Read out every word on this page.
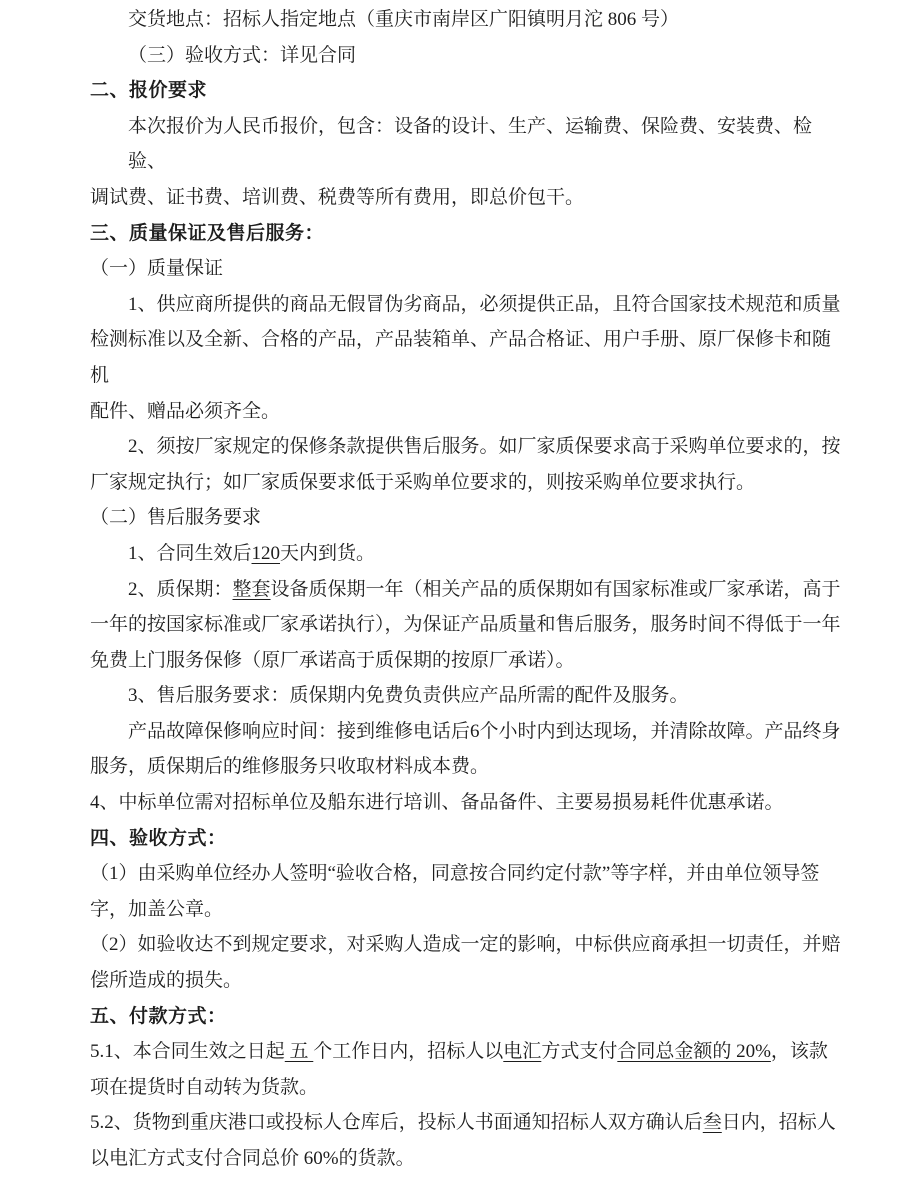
交货地点：招标人指定地点（重庆市南岸区广阳镇明月沱 806 号）
（三）验收方式：详见合同
二、报价要求
本次报价为人民币报价，包含：设备的设计、生产、运输费、保险费、安装费、检验、
调试费、证书费、培训费、税费等所有费用，即总价包干。
三、质量保证及售后服务：
（一）质量保证
1、供应商所提供的商品无假冒伪劣商品，必须提供正品，且符合国家技术规范和质量
检测标准以及全新、合格的产品，产品装箱单、产品合格证、用户手册、原厂保修卡和随机
配件、赠品必须齐全。
2、须按厂家规定的保修条款提供售后服务。如厂家质保要求高于采购单位要求的，按
厂家规定执行；如厂家质保要求低于采购单位要求的，则按采购单位要求执行。
（二）售后服务要求
1、合同生效后120天内到货。
2、质保期：整套设备质保期一年（相关产品的质保期如有国家标准或厂家承诺，高于
一年的按国家标准或厂家承诺执行），为保证产品质量和售后服务，服务时间不得低于一年
免费上门服务保修（原厂承诺高于质保期的按原厂承诺）。
3、售后服务要求：质保期内免费负责供应产品所需的配件及服务。
产品故障保修响应时间：接到维修电话后6个小时内到达现场，并清除故障。产品终身
服务，质保期后的维修服务只收取材料成本费。
4、中标单位需对招标单位及船东进行培训、备品备件、主要易损易耗件优惠承诺。
四、验收方式：
（1）由采购单位经办人签明“验收合格，同意按合同约定付款”等字样，并由单位领导签
字，加盖公章。
（2）如验收达不到规定要求，对采购人造成一定的影响，中标供应商承担一切责任，并赔
偿所造成的损失。
五、付款方式：
5.1、本合同生效之日起 五 个工作日内，招标人以电汇方式支付合同总金额的 20%，该款
项在提货时自动转为货款。
5.2、货物到重庆港口或投标人仓库后，投标人书面通知招标人双方确认后叁日内，招标人
以电汇方式支付合同总价 60%的货款。
